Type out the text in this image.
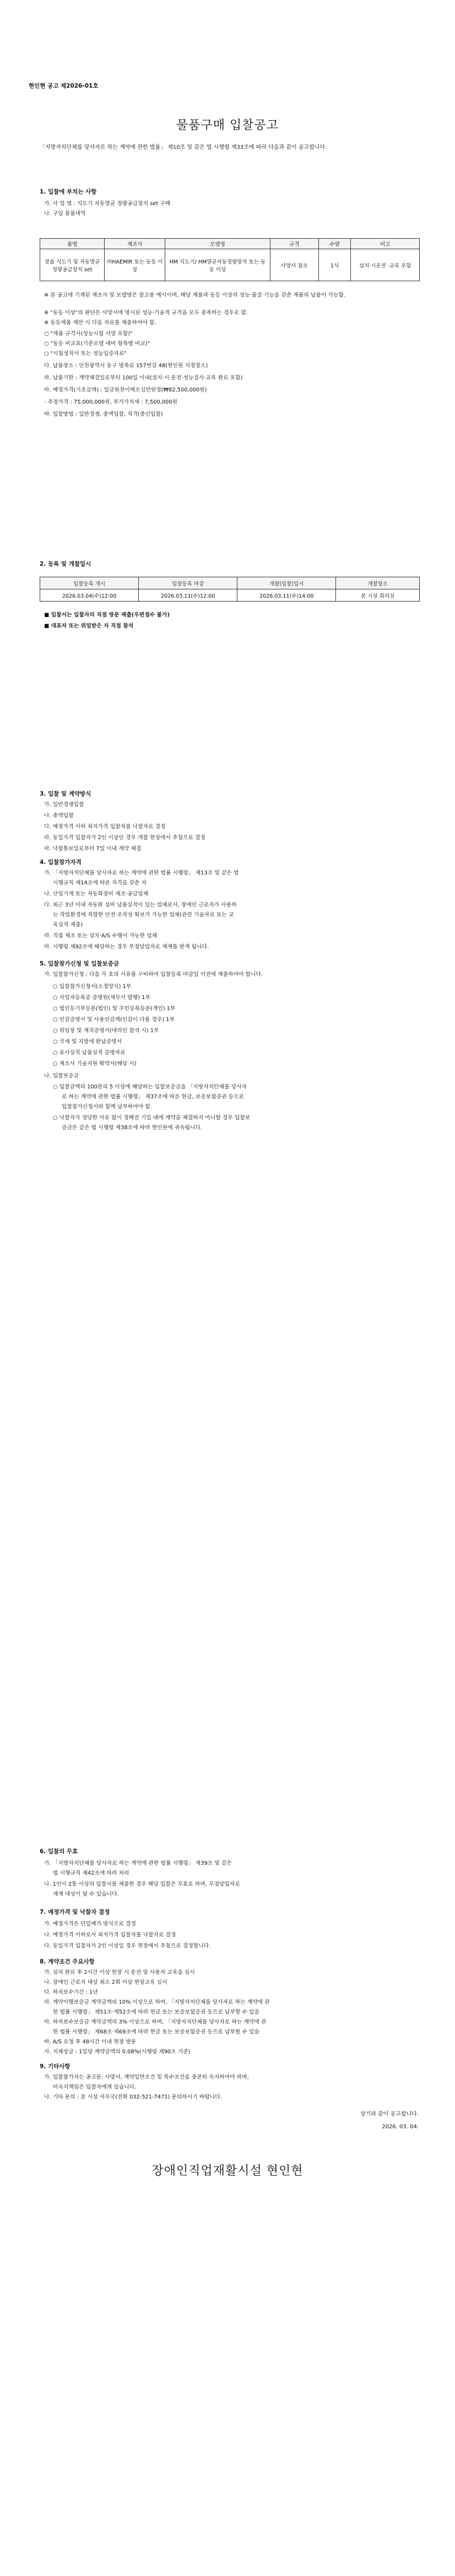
현인현 공고 제2026-01호
물품구매 입찰공고
「지방자치단체를 당사자로 하는 계약에 관한 법률」 제10조 및 같은 법 시행령 제33조에 따라 다음과 같이 공고합니다.
1. 입찰에 부치는 사항
가. 사 업 명 : 식도기 자동멸균 정량공급장치 set 구매
나. 구입 물품내역
품명	제조사	모델명	규격	수량	비고
젖솔 식도기 및 자동멸균 정량공급장치 set	㈜HAEMIR 또는 동등 이상	HM 식도기/ HM멸균자동정량장치 또는 동등 이상	사양서 참조	1식	설치·시운전 ·교육 포함
※ 본 공고에 기재된 제조사 및 모델명은 참고용 예시이며, 해당 제품과 동등 이상의 성능·품질·기능을 갖춘 제품의 납품이 가능함.
※ "동등 이상"의 판단은 사양서에 명시된 성능·기술적 규격을 모두 충족하는 경우로 함.
※ 동등제품 제안 시 다음 자료를 제출하여야 함.
○ "제품 규격서(성능시험 사양 포함)"
○ "동등 비교표(기준모델 대비 항목별 비교)"
○ "시험성적서 또는 성능입증자료"
다. 납품장소 : 인천광역시 동구 방축로 157번길 48(현인원 지정장소)
라. 납품기한 : 계약체결일로부터 100일 이내(설치·시 운전·성능검사·교육 완료 포함)
마. 예정가격(기초금액) : 일금원천이백오십만원정(₩82,500,000원)
- 추정가격 : 75,000,000원, 부가가치세 : 7,500,000원
바. 입찰방법 : 일반경쟁, 총액입찰, 적격(총인입찰)
2. 등록 및 개찰일시
입찰등록 개시	입찰등록 마감	개찰(입찰)일시	개찰장소
2026.03.04(수)12:00	2026.03.11(수)12:00	2026.03.11(수)14:00	본 시설 회의실
■ 입찰서는 입찰자의 직접 방문 제출(우편접수 불가)
■ 대표자 또는 위임받은 자 직접 참석
3. 입찰 및 계약방식
가. 일반경쟁입찰
나. 총액입찰
다. 예정가격 이하 최저가격 입찰자를 낙찰자로 결정
라. 동일가격 입찰자가 2인 이상인 경우 개찰 현장에서 추첨으로 결정
마. 낙찰통보일로부터 7일 이내 계약 체결
4. 입찰참가자격
가. 「지방자치단체를 당사자로 하는 계약에 관한 법률 시행령」 제13조 및 같은 법
시행규칙 제14조에 따른 자격을 갖춘 자
나. 산업기계 또는 자동화장비 제조·공급업체
다. 최근 3년 이내 자동화 설비 납품실적이 있는 업체로서, 장애인 근로자가 사용하
는 작업환경에 적합한 안전·조작성 확보가 가능한 업체(관련 기술자료 또는 교
육실적 제출)
라. 직접 제조 또는 설치·A/S 수행이 가능한 업체
마. 시행령 제92조에 해당하는 경우 부정당업자로 제재를 받게 됩니다.
5. 입찰참가신청 및 입찰보증금
가. 입찰참가신청 : 다음 각 호의 서류를 구비하여 입찰등록 마감일 이전에 제출하여야 합니다.
○ 입찰참가신청서(소정양식) 1부
○ 사업자등록증 증명원(세무서 발행) 1부
○ 법인등기부등본(법인) 및 주민등록등본(개인) 1부
○ 인감증명서 및 사용인감계(인감이 다를 경우) 1부
○ 위임장 및 재직증명서(대리인 참석 시) 1부
○ 국세 및 지방세 완납증명서
○ 유사실적 납품실적 증명자료
○ 제조사 기술지원 확약서(해당 시)
나. 입찰보증금
○ 입찰금액의 100분의 5 이상에 해당하는 입찰보증금을 「지방자치단체를 당사자
로 하는 계약에 관한 법률 시행령」 제37조에 따른 현금, 보증보험증권 등으로
입찰참가신청서와 함께 납부하여야 함.
○ 낙찰자가 정당한 사유 없이 정해진 기일 내에 계약을 체결하지 아니할 경우 입찰보
증금은 같은 법 시행령 제38조에 따라 현인원에 귀속됩니다.
6. 입찰의 무효
가. 「지방자치단체를 당사자로 하는 계약에 관한 법률 시행령」 제39조 및 같은
법 시행규칙 제42조에 따라 처리
나. 1인이 2통 이상의 입찰서를 제출한 경우 해당 입찰은 무효로 하며, 무정당입자로
제재 대상이 될 수 있습니다.
7. 예정가격 및 낙찰자 결정
가. 예정가격은 단일예가 방식으로 결정
나. 예정가격 이하로서 최저가격 입찰자를 낙찰자로 결정
다. 동일가격 입찰자가 2인 이상일 경우 현장에서 추첨으로 결정합니다.
8. 계약조건 주요사항
가. 설치 완료 후 2시간 이상 현장 시 운전 및 사용자 교육을 실시
나. 장애인 근로자 대상 최소 2회 이상 현장교육 실시
다. 하자보수기간 : 1년
라. 계약이행보증금 계약금액의 10% 이상으로 하며, 「지방자치단체를 당사자로 하는 계약에 관
한 법률 시행령」 제51조·제52조에 따라 현금 또는 보증보험증권 등으로 납부할 수 있음
마. 하자보수보증금 계약금액의 3% 이상으로 하며, 「지방자치단체를 당사자로 하는 계약에 관
한 법률 시행령」 제68조·제69조에 따라 현금 또는 보증보험증권 등으로 납부할 수 있음
바. A/S 요청 후 48시간 이내 현장 방문
사. 지체상금 : 1일당 계약금액의 0.08%(시행령 제90조 기준)
9. 기타사항
가. 입찰참가자는 공고문, 사양서, 계약일반조건 및 특수조건을 충분히 숙지하여야 하며,
미숙지책임은 입찰자에게 있습니다.
나. 기타 문의 : 본 시설 사무국(전화 032-521-7471) 문의하시기 바랍니다.
상기와 같이 공고합니다.
2026. 03. 04.
장애인직업재활시설 현인현
